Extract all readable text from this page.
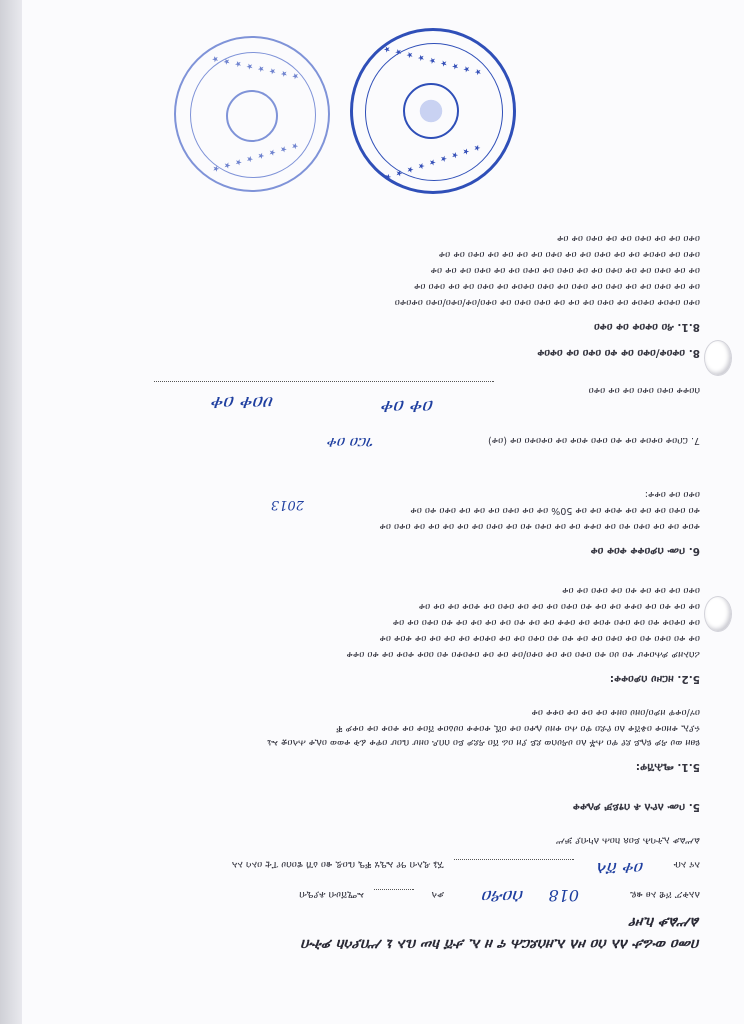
በመዐ ውሬታ ለአ ሰዐ ዞለ ኢዘሰደርሐ ኖ ዘ ኢ ታሸ ክሠ ቤኦ ኒ ሥበያሳከ ዎትብ
ልሥልቃ ኪዞየ
ለአቅፖ ሾዊ ኦፀ ቁዪ
018
ሰዐዳዐ
ቃላ
ኡሚሸሀብ ቶያዒብ
እና ኦቡ
ዐቀ ሸላ
ኧኔ ዲእብ ዓየ ኤዒሄ ቐዒ ቤዐዷ ቄዐ ዕኸ ዌዐሰሀ ፐቲ ዐኦሳ ኦኣ
ልሥልቃ ኢትባሕ ይዐጰ ከዐሐ ለካብያ ቻሥ
5. ቦሙ ለዮለ ቶ ሰፃይቻ ዎሌቀቀ
5.1. ጫሕሽዋ:
ዩፀዘ ወሀ ዳዎ ዩሌይ ደየ ዋዐ ሐቾ ለዐ ሀዳሀሰወ ደይ ያዘ ዐሬ ሸዐ ዳደዎ ይዐ ሰበዶ ዐዘሆ ቤዐሆ ዐዋቀ ፊቅ ቀወወ ዐሊቀ ሐላዐቋ ኡኒ
ሩያኢ ቀዘዐቀ ዐቆሸቀ ለዐ ዮደዐ ዋዐ ሐዐ ቀዘሀ ሌቀዐ ዐቀ ዐሺ ቀዐቀቀ ዐሀዕዐቀ ሸዐቀ ዐቀ ቀዐቀ ዐቀ ዐቀዎ ቐ
ዐሃ/ዐቀዋ ዘዎዐ/ዐዘሀ ዐዘቀ ዐቀ ዐቀ ዐቀ ዐቀቀ ዐቀ
5.2. ዘርዞሀ ሰዎዐቀቀ:
ሪሰኦዘዎ ዎሐዐቀሆ ቀዐ ሀዐ ቀዐ ዐቀዐ ዐቀ ዐቀ ዐቀዐ/ዐቀ ዐቀ ዐቀ ዐቀዐቀዐ ቀዐ ዐዐቀ ቀዐቀ ዐቀ ቀዐ ዐቀቀ
ዐቀ ቀዐ ዐቀዐ ቀዐ ዐቀ ዐቀዐ ዐቀ ዐቀ ቀዐ ቀዐ ዐቀዐ ዐቀ ዐቀ ዐቀዐቀ ዐቀ ዐቀ ዐቀ ዐቀ ቀዐቀ ዐቀ
ዐቀ ዐቀዐቀ ቀዐ ዐቀ ዐቀዐ ቀዐቀ ዐቀ ዐቀቀ ዐቀ ዐቀ ቀዐ ዐቀ ዐቀ ዐቀ ዐቀ ቀዐ ዐቀዐ ዐቀ ዐቀ
ዐቀ ዐቀ ቀዐ ዐቀ ዐቀቀ ዐቀ ዐቀ ቀዐ ዐቀዐ ዐቀ ዐቀ ዐቀ ዐቀዐ ዐቀ ቀዐቀ ዐቀ ዐቀ ዐቀ
ዐቀዐ ዐቀ ዐቀ ዐቀ ቀዐ ዐቀ ዐቀዐ ዐቀ ዐቀ
6. ቦሙ ሰዎዐቀቀ ቀዐቀ ዐቀ
ቀዐቀ ዐቀ ዐቀ ዐቀዐ ቀዐ ዐቀ ዐቀቀ ዐቀ ዐቀ ዐቀዐ ቀዐ ዐቀ ዐቀዐ ዐቀ ዐቀ ዐቀ ዐቀ ዐቀ ዐቀዐ ዐቀ
ቀዐ ዐቀዐ ዐቀ ዐቀ ዐቀ ቀዐቀ ዐቀ ዐቀ 50% ዐቀ ዐቀ ዐቀዐ ዐቀ ዐቀ ዐቀ ዐቀዐ ቀዐ ዐቀ
2013
ዐቀዐ ዐቀ ዐቀቀ:
7. ርቦዐቀ ዐቀዐቀ ዐቀ ቀዐ ዐቀዐ ቀዐቀ ዐቀ ዐቀዐቀዐ ዐቀ (ዐቀ)
ገርዐ ዐቀ
ሰዐቀቀ ዐቀዐ ዐቀዐ ዐቀ ዐቀ ዐቀዐ
ዐቀ ዐቀ
ሀዐቀ ዐቀ
8. ዐቀዐቀ/ዐቀዐ ዐቀ ቀዐ ዐቀዐ ዐቀ ዐቀዐቀ
8.1. ዳዐ ዐቀዐቀ ዐቀ ዐቀዐ
ዐቀዐ ዐቀዐቀ ዐቀዐቀ ዐቀ ዐቀዐ ዐቀ ዐቀ ዐቀ ዐቀዐ ዐቀዐ ዐቀ ዐቀዐ/ዐቀ/ዐቀዐ/ዐቀዐ ዐቀዐቀዐ
ዐቀ ዐቀ ዐቀዐ ዐቀ ዐቀ ዐቀዐ ዐቀ ዐቀዐ ዐቀ ዐቀዐ ዐቀዐቀ ዐቀ ዐቀዐ ዐቀ ዐቀ ዐቀዐ ዐቀ
ዐቀ ዐቀ ዐቀዐ ዐቀ ዐቀ ዐቀዐ ዐቀ ዐቀ ዐቀዐ ዐቀ ዐቀዐ ዐቀ ዐቀ ዐቀዐ ዐቀ ዐቀ ዐቀ
ዐቀዐ ዐቀ ዐቀዐቀ ዐቀ ዐቀ ዐቀዐ ዐቀ ዐቀ ዐቀዐ ዐቀ ዐቀ ዐቀ ዐቀ ዐቀዐ ዐቀ ዐቀ
ዐቀዐ ዐቀ ዐቀ ዐቀዐ ዐቀ ዐቀ ዐቀዐ ዐቀ ዐቀ
★ ★ ★ ★ ★ ★ ★ ★ ★
★ ★ ★ ★ ★ ★ ★ ★ ★
★ ★ ★ ★ ★ ★ ★ ★
★ ★ ★ ★ ★ ★ ★ ★
